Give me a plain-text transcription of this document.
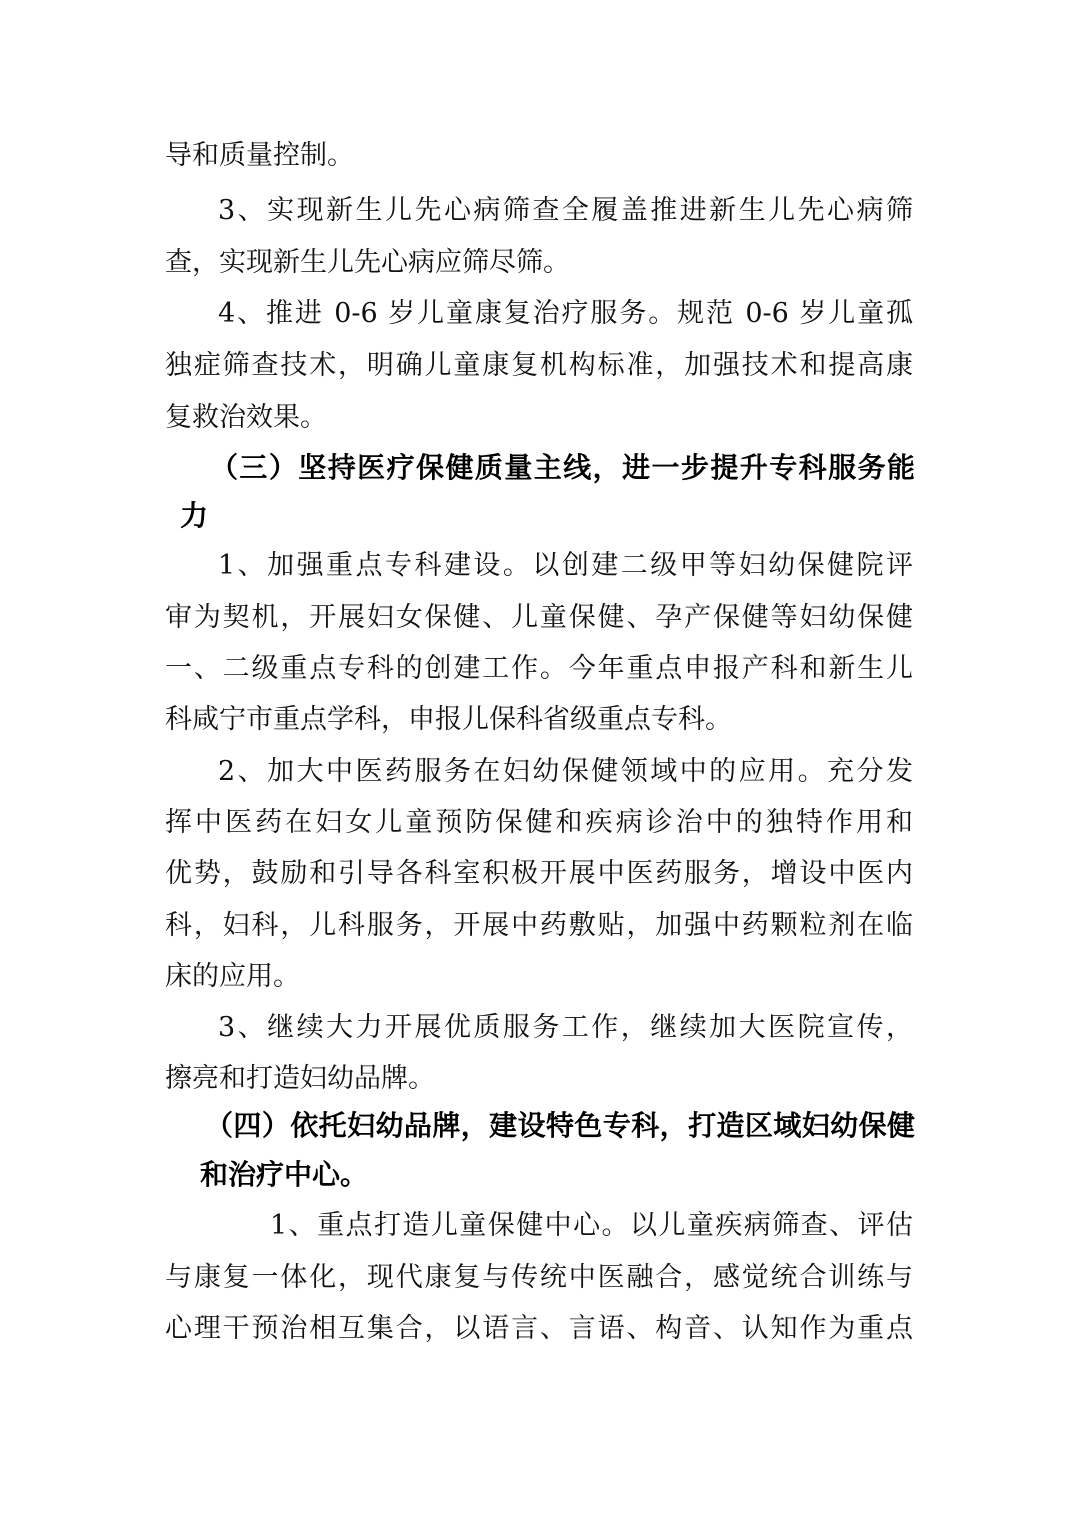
导和质量控制。

3、实现新生儿先心病筛查全履盖推进新生儿先心病筛

查，实现新生儿先心病应筛尽筛。

4、推进 0-6 岁儿童康复治疗服务。规范 0-6 岁儿童孤

独症筛查技术，明确儿童康复机构标准，加强技术和提高康

复救治效果。

（三）坚持医疗保健质量主线，进一步提升专科服务能

力

1、加强重点专科建设。以创建二级甲等妇幼保健院评

审为契机，开展妇女保健、儿童保健、孕产保健等妇幼保健

一、二级重点专科的创建工作。今年重点申报产科和新生儿

科咸宁市重点学科，申报儿保科省级重点专科。

2、加大中医药服务在妇幼保健领域中的应用。充分发

挥中医药在妇女儿童预防保健和疾病诊治中的独特作用和

优势，鼓励和引导各科室积极开展中医药服务，增设中医内

科，妇科，儿科服务，开展中药敷贴，加强中药颗粒剂在临

床的应用。

3、继续大力开展优质服务工作，继续加大医院宣传，

擦亮和打造妇幼品牌。

（四）依托妇幼品牌，建设特色专科，打造区域妇幼保健

和治疗中心。

1、重点打造儿童保健中心。以儿童疾病筛查、评估

与康复一体化，现代康复与传统中医融合，感觉统合训练与

心理干预治相互集合，以语言、言语、构音、认知作为重点
